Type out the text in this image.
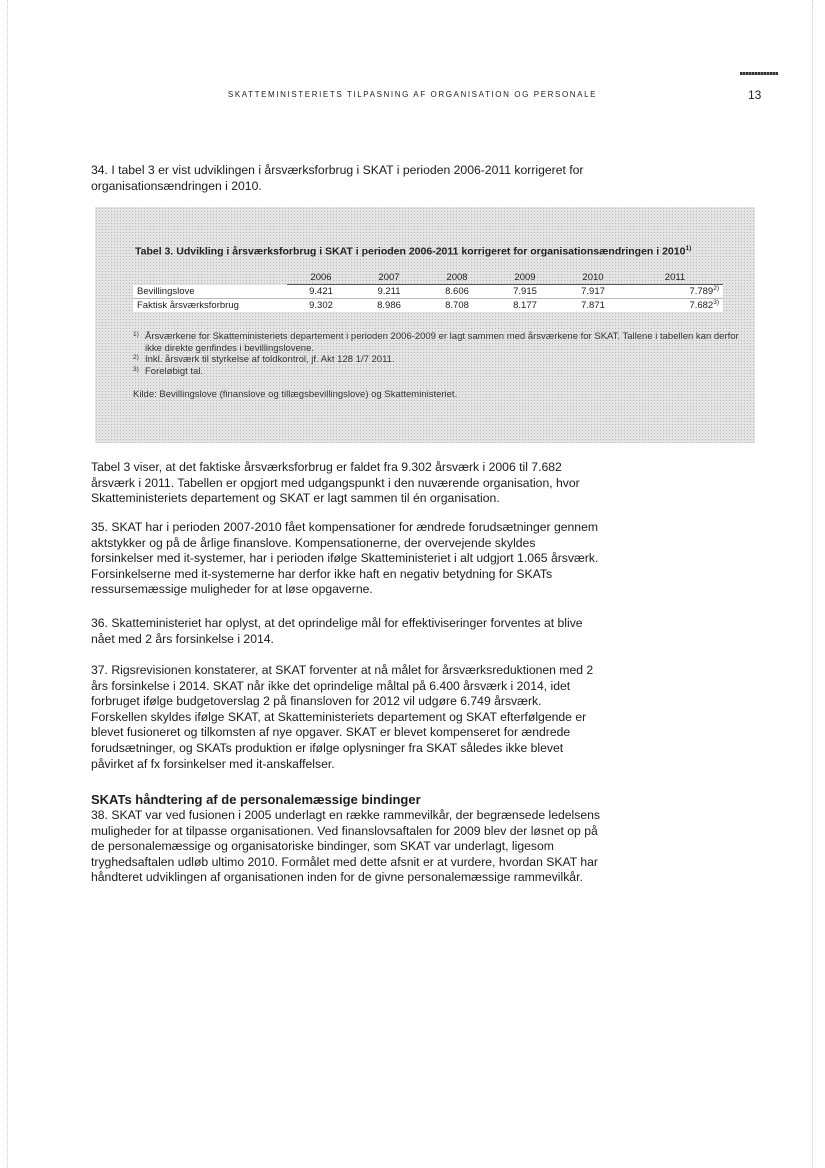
SKATTEMINISTERIETS TILPASNING AF ORGANISATION OG PERSONALE	13

34. I tabel 3 er vist udviklingen i årsværksforbrug i SKAT i perioden 2006-2011 korrigeret for organisationsændringen i 2010.

Tabel 3. Udvikling i årsværksforbrug i SKAT i perioden 2006-2011 korrigeret for organisationsændringen i 2010$^{1)}$
	2006	2007	2008	2009	2010	2011
Bevillingslove	9.421	9.211	8.606	7.915	7.917	7.789$^{2)}$
Faktisk årsværksforbrug	9.302	8.986	8.708	8.177	7.871	7.682$^{3)}$
1) Årsværkene for Skatteministeriets departement i perioden 2006-2009 er lagt sammen med årsværkene for SKAT. Tallene i tabellen kan derfor ikke direkte genfindes i bevillingslovene.
2) Inkl. årsværk til styrkelse af toldkontrol, jf. Akt 128 1/7 2011.
3) Foreløbigt tal.
Kilde: Bevillingslove (finanslove og tillægsbevillingslove) og Skatteministeriet.

Tabel 3 viser, at det faktiske årsværksforbrug er faldet fra 9.302 årsværk i 2006 til 7.682 årsværk i 2011. Tabellen er opgjort med udgangspunkt i den nuværende organisation, hvor Skatteministeriets departement og SKAT er lagt sammen til én organisation.

35. SKAT har i perioden 2007-2010 fået kompensationer for ændrede forudsætninger gennem aktstykker og på de årlige finanslove. Kompensationerne, der overvejende skyldes forsinkelser med it-systemer, har i perioden ifølge Skatteministeriet i alt udgjort 1.065 årsværk. Forsinkelserne med it-systemerne har derfor ikke haft en negativ betydning for SKATs ressursemæssige muligheder for at løse opgaverne.

36. Skatteministeriet har oplyst, at det oprindelige mål for effektiviseringer forventes at blive nået med 2 års forsinkelse i 2014.

37. Rigsrevisionen konstaterer, at SKAT forventer at nå målet for årsværksreduktionen med 2 års forsinkelse i 2014. SKAT når ikke det oprindelige måltal på 6.400 årsværk i 2014, idet forbruget ifølge budgetoverslag 2 på finansloven for 2012 vil udgøre 6.749 årsværk. Forskellen skyldes ifølge SKAT, at Skatteministeriets departement og SKAT efterfølgende er blevet fusioneret og tilkomsten af nye opgaver. SKAT er blevet kompenseret for ændrede forudsætninger, og SKATs produktion er ifølge oplysninger fra SKAT således ikke blevet påvirket af fx forsinkelser med it-anskaffelser.

SKATs håndtering af de personalemæssige bindinger

38. SKAT var ved fusionen i 2005 underlagt en række rammevilkår, der begrænsede ledelsens muligheder for at tilpasse organisationen. Ved finanslovsaftalen for 2009 blev der løsnet op på de personalemæssige og organisatoriske bindinger, som SKAT var underlagt, ligesom tryghedsaftalen udløb ultimo 2010. Formålet med dette afsnit er at vurdere, hvordan SKAT har håndteret udviklingen af organisationen inden for de givne personalemæssige rammevilkår.
